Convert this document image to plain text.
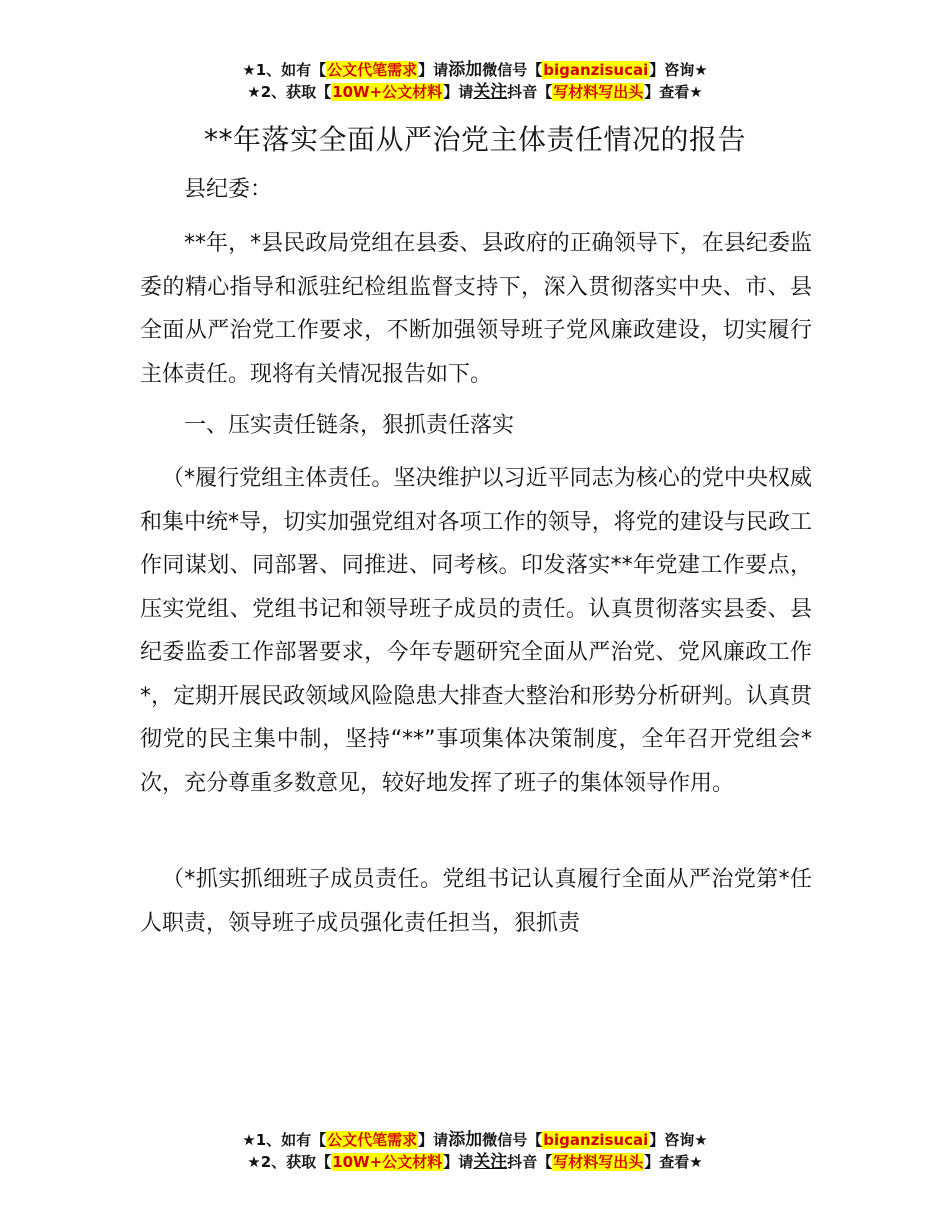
★1、如有【公文代笔需求】请添加微信号【biganzisucai】咨询★
★2、获取【10W+公文材料】请关注抖音【写材料写出头】查看★
**年落实全面从严治党主体责任情况的报告
县纪委：
**年，*县民政局党组在县委、县政府的正确领导下，在县纪委监委的精心指导和派驻纪检组监督支持下，深入贯彻落实中央、市、县全面从严治党工作要求，不断加强领导班子党风廉政建设，切实履行主体责任。现将有关情况报告如下。
一、压实责任链条，狠抓责任落实
（*履行党组主体责任。坚决维护以习近平同志为核心的党中央权威和集中统*导，切实加强党组对各项工作的领导，将党的建设与民政工作同谋划、同部署、同推进、同考核。印发落实**年党建工作要点，压实党组、党组书记和领导班子成员的责任。认真贯彻落实县委、县纪委监委工作部署要求，今年专题研究全面从严治党、党风廉政工作*，定期开展民政领域风险隐患大排查大整治和形势分析研判。认真贯彻党的民主集中制，坚持“**”事项集体决策制度，全年召开党组会*次，充分尊重多数意见，较好地发挥了班子的集体领导作用。
（*抓实抓细班子成员责任。党组书记认真履行全面从严治党第*任人职责，领导班子成员强化责任担当，狠抓责
★1、如有【公文代笔需求】请添加微信号【biganzisucai】咨询★
★2、获取【10W+公文材料】请关注抖音【写材料写出头】查看★
